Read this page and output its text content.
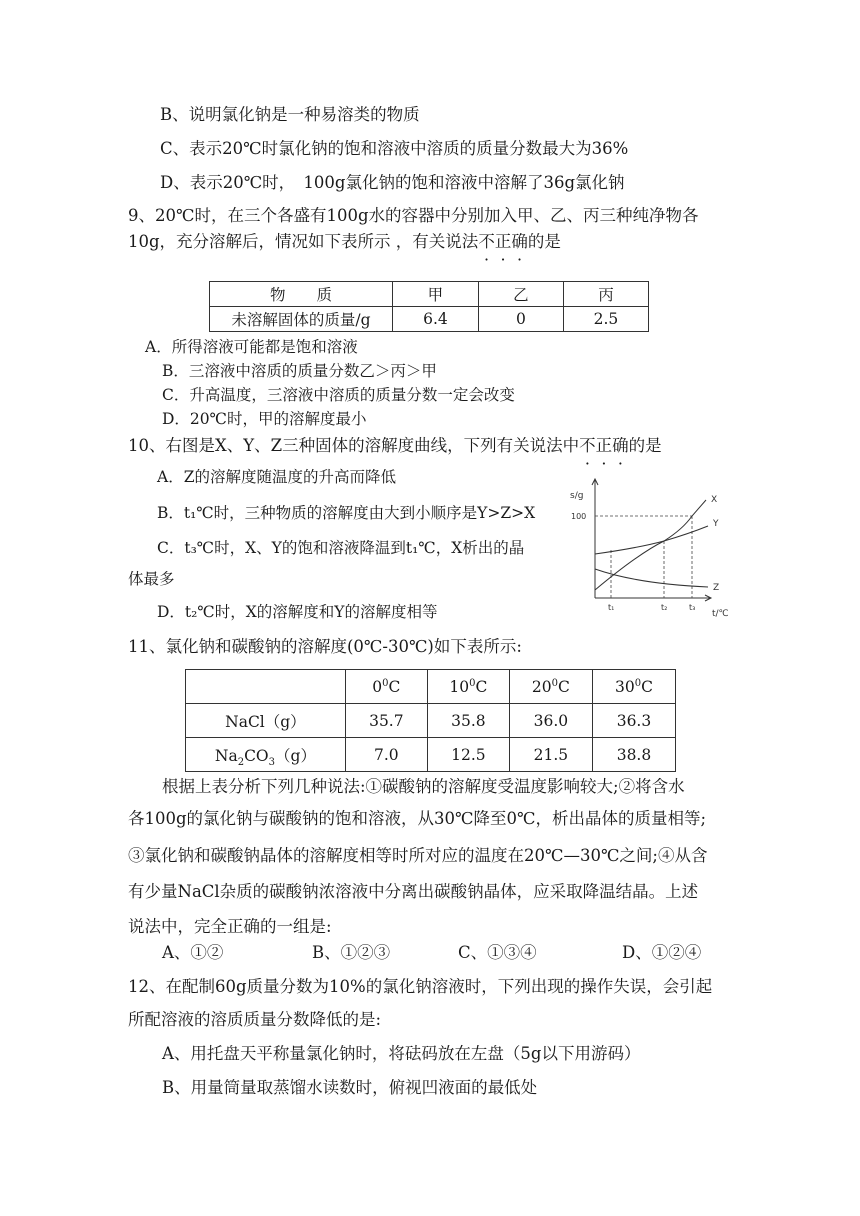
B、说明氯化钠是一种易溶类的物质
C、表示20℃时氯化钠的饱和溶液中溶质的质量分数最大为36%
D、表示20℃时，　100g氯化钠的饱和溶液中溶解了36g氯化钠
9、20℃时，在三个各盛有100g水的容器中分别加入甲、乙、丙三种纯净物各
10g，充分溶解后，情况如下表所示 ，有关说法不正确的是
物　　质	甲	乙	丙
未溶解固体的质量/g	6.4	0	2.5
A．所得溶液可能都是饱和溶液
B．三溶液中溶质的质量分数乙＞丙＞甲
C．升高温度，三溶液中溶质的质量分数一定会改变
D．20℃时，甲的溶解度最小
10、右图是X、Y、Z三种固体的溶解度曲线，下列有关说法中不正确的是
A．Z的溶解度随温度的升高而降低
B．t₁℃时，三种物质的溶解度由大到小顺序是Y>Z>X
C．t₃℃时，X、Y的饱和溶液降温到t₁℃，X析出的晶
体最多
D．t₂℃时，X的溶解度和Y的溶解度相等
s/g
100
t/℃
t₁	t₂	t₃
X
Y
Z
11、氯化钠和碳酸钠的溶解度(0℃-30℃)如下表所示:
	$0^0C$	$10^0C$	$20^0C$	$30^0C$
NaCl（g）	35.7	35.8	36.0	36.3
$Na_2CO_3(g)$	7.0	12.5	21.5	38.8
根据上表分析下列几种说法:①碳酸钠的溶解度受温度影响较大;②将含水
各100g的氯化钠与碳酸钠的饱和溶液，从30℃降至0℃，析出晶体的质量相等;
③氯化钠和碳酸钠晶体的溶解度相等时所对应的温度在20℃—30℃之间;④从含
有少量NaCl杂质的碳酸钠浓溶液中分离出碳酸钠晶体，应采取降温结晶。上述
说法中，完全正确的一组是:
A、①②	B、①②③	C、①③④	D、①②④
12、在配制60g质量分数为10%的氯化钠溶液时，下列出现的操作失误，会引起
所配溶液的溶质质量分数降低的是:
A、用托盘天平称量氯化钠时，将砝码放在左盘（5g以下用游码）
B、用量筒量取蒸馏水读数时，俯视凹液面的最低处
